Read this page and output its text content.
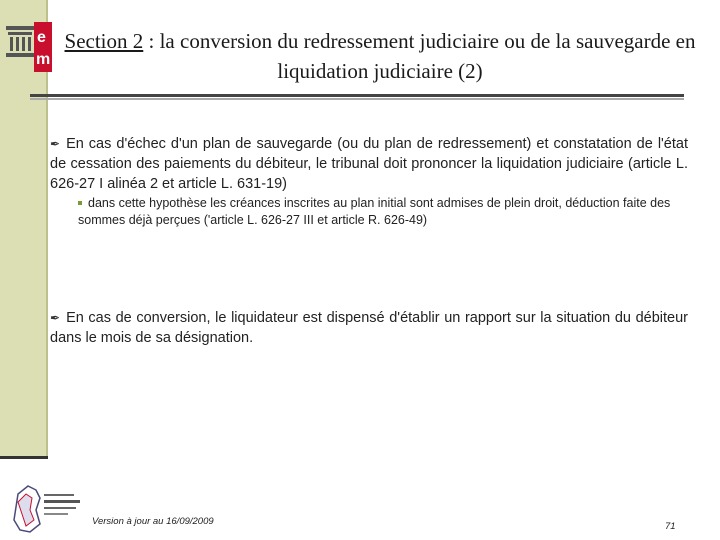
e
m
Section 2 : la conversion du redressement judiciaire ou de la sauvegarde en liquidation judiciaire (2)
✒ En cas d'échec d'un plan de sauvegarde (ou du plan de redressement) et constatation de l'état de cessation des paiements du débiteur, le tribunal doit prononcer la liquidation judiciaire (article L. 626-27 I alinéa 2 et article L. 631-19)
dans cette hypothèse les créances inscrites au plan initial sont admises de plein droit, déduction faite des sommes déjà perçues ('article L. 626-27 III et article R. 626-49)
✒ En cas de conversion, le liquidateur est dispensé d'établir un rapport sur la situation du débiteur dans le mois de sa désignation.
Version à jour au 16/09/2009	71
